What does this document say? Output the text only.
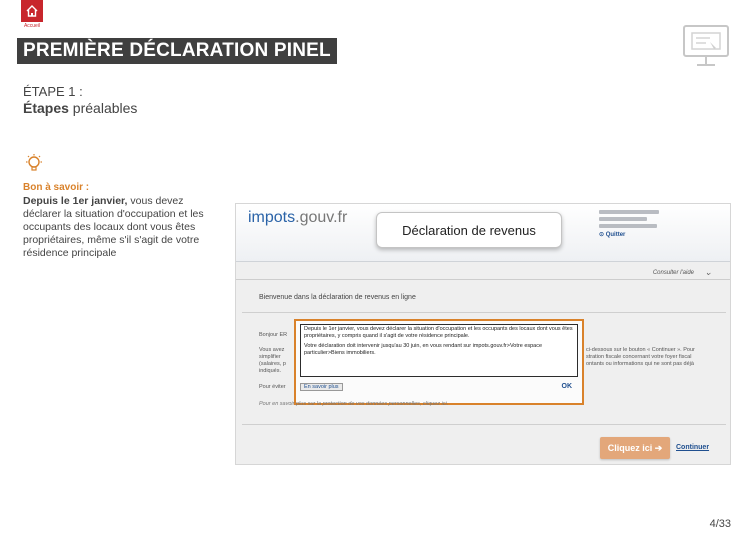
Accueil
PREMIÈRE DÉCLARATION PINEL
ÉTAPE 1 :
Étapes préalables
Bon à savoir :
Depuis le 1er janvier, vous devez déclarer la situation d'occupation et les occupants des locaux dont vous êtes propriétaires, même s'il s'agit de votre résidence principale
impots.gouv.fr
Déclaration de revenus	⊙ Quitter
Consulter l'aide ⌄
Bienvenue dans la déclaration de revenus en ligne
Bonjour ER
Vous avez
simplifier
(salaires, p
indiqués.
Pour éviter
ci-dessous sur le bouton « Continuer ». Pour
stration fiscale concernant votre foyer fiscal
ontants ou informations qui ne sont pas déjà

Depuis le 1er janvier, vous devez déclarer la situation d'occupation et les occupants des locaux dont vous êtes propriétaires, y compris quand il s'agit de votre résidence principale.

Votre déclaration doit intervenir jusqu'au 30 juin, en vous rendant sur impots.gouv.fr>Votre espace particulier>Biens immobiliers.

En savoir plus	OK
Pour en savoir plus sur la protection de vos données personnelles, cliquez ici.
Cliquez ici ➔	Continuer
4/33
